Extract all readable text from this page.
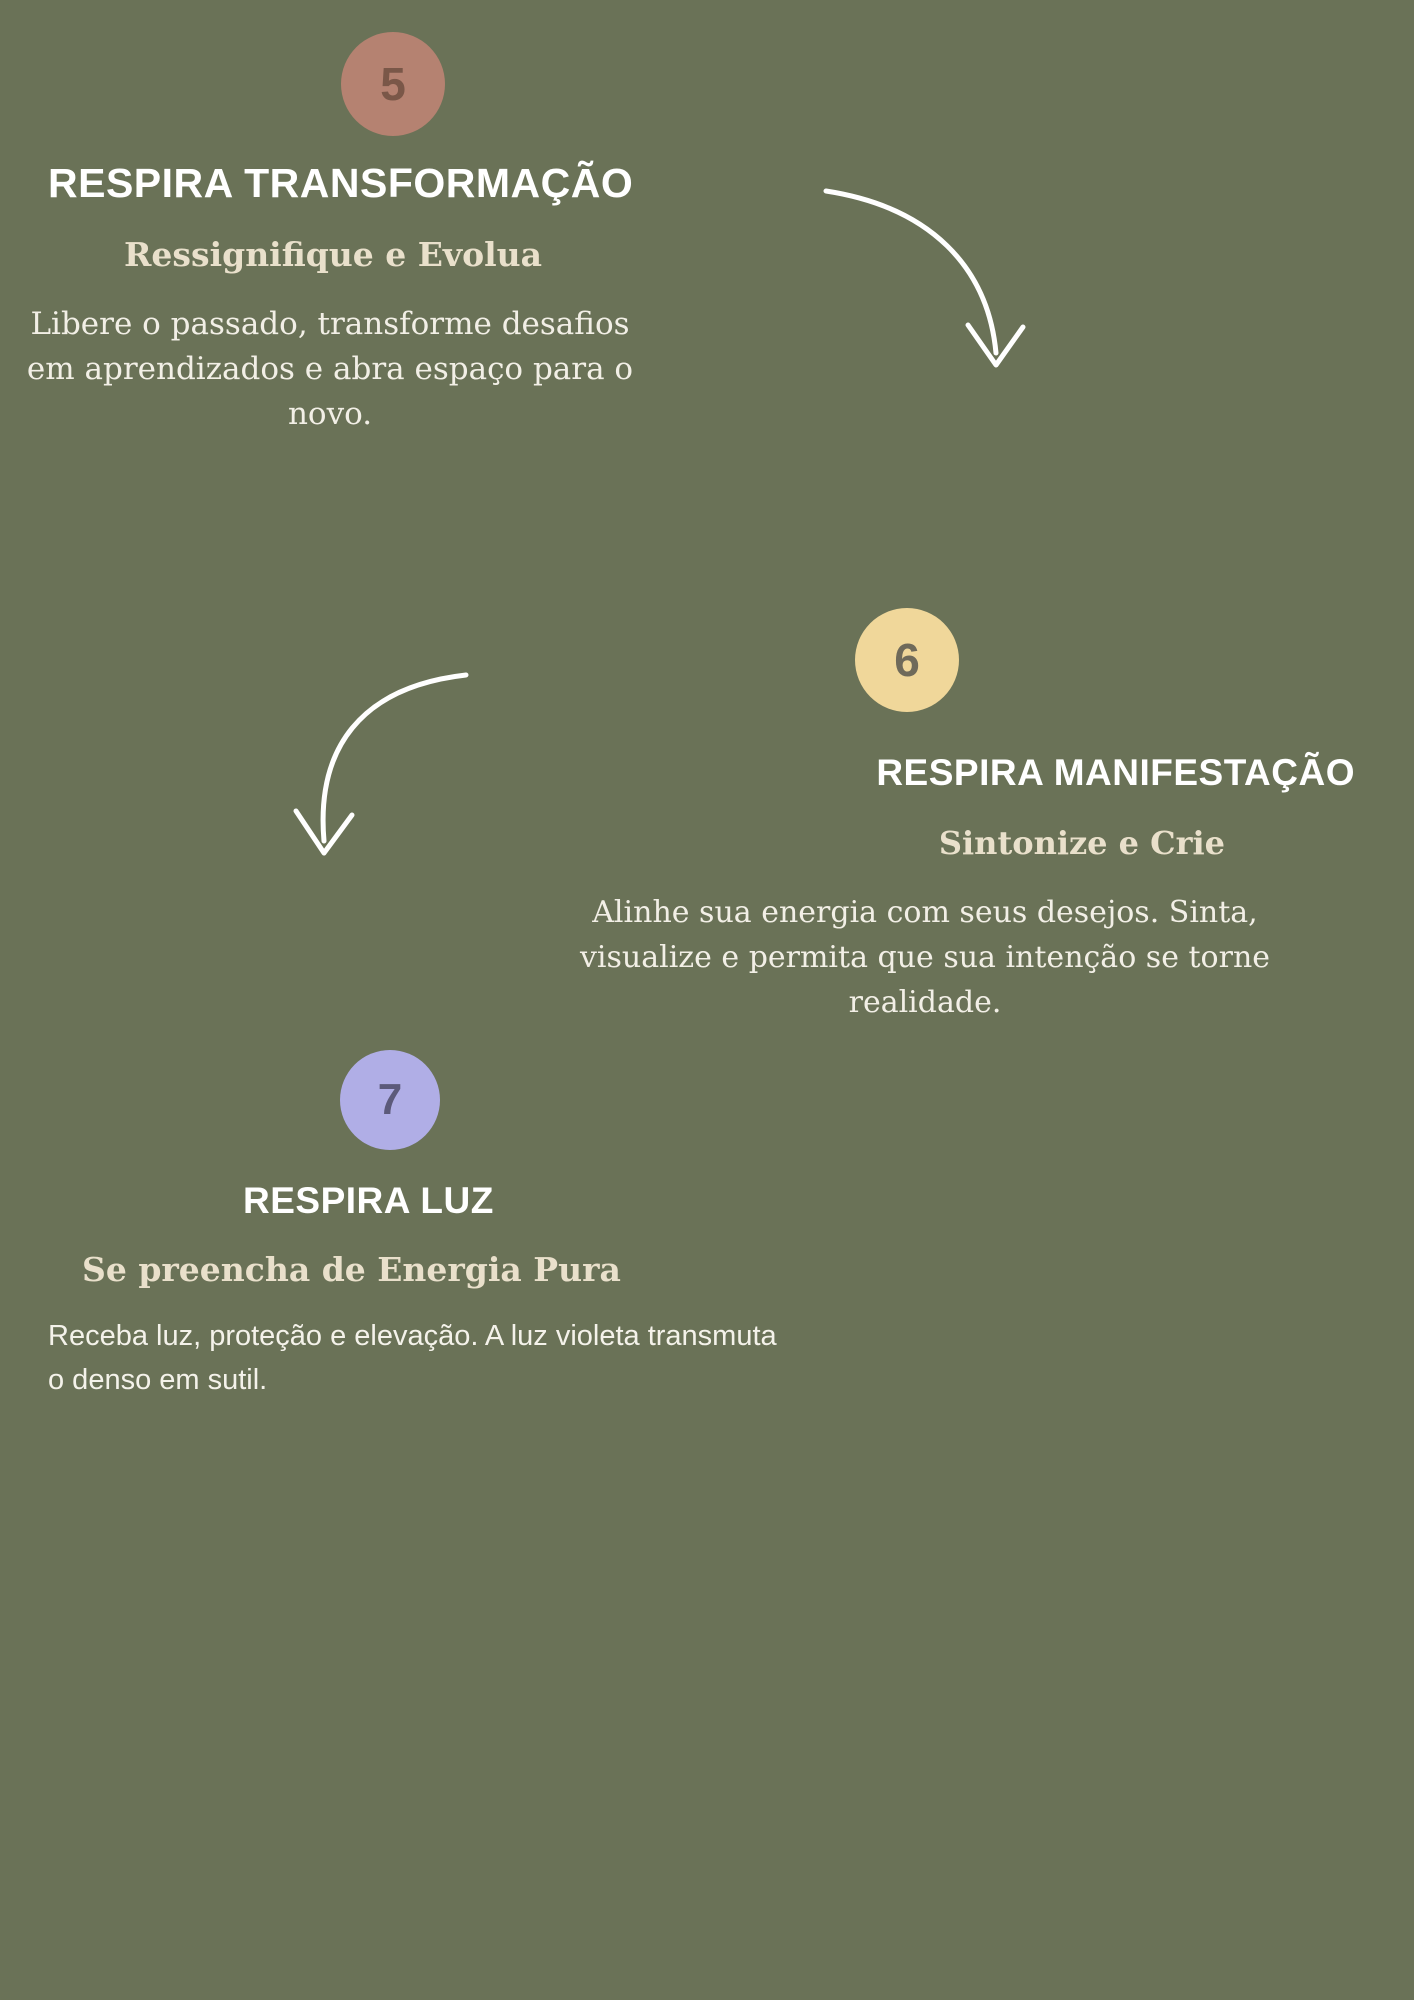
5
RESPIRA TRANSFORMAÇÃO
Ressignifique e Evolua
Libere o passado, transforme desafios em aprendizados e abra espaço para o novo.
6
RESPIRA MANIFESTAÇÃO
Sintonize e Crie
Alinhe sua energia com seus desejos. Sinta, visualize e permita que sua intenção se torne realidade.
7
RESPIRA LUZ
Se preencha de Energia Pura
Receba luz, proteção e elevação. A luz violeta transmuta o denso em sutil.
